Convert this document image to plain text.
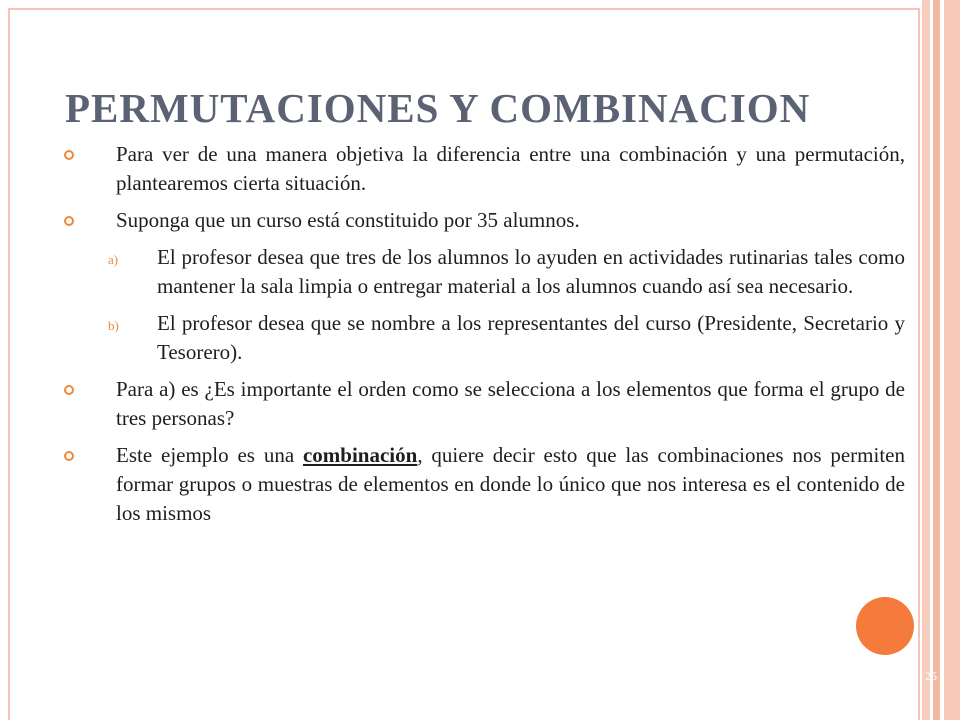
PERMUTACIONES Y COMBINACION
Para ver de una manera objetiva la diferencia entre una combinación y una permutación, plantearemos cierta situación.
Suponga que un curso está constituido por 35 alumnos.
a) El profesor desea que tres de los alumnos lo ayuden en actividades rutinarias tales como mantener la sala limpia o entregar material a los alumnos cuando así sea necesario.
b) El profesor desea que se nombre a los representantes del curso (Presidente, Secretario y Tesorero).
Para a) es ¿Es importante el orden como se selecciona a los elementos que forma el grupo de tres personas?
Este ejemplo es una combinación, quiere decir esto que las combinaciones nos permiten formar grupos o muestras de elementos en donde lo único que nos interesa es el contenido de los mismos
25
